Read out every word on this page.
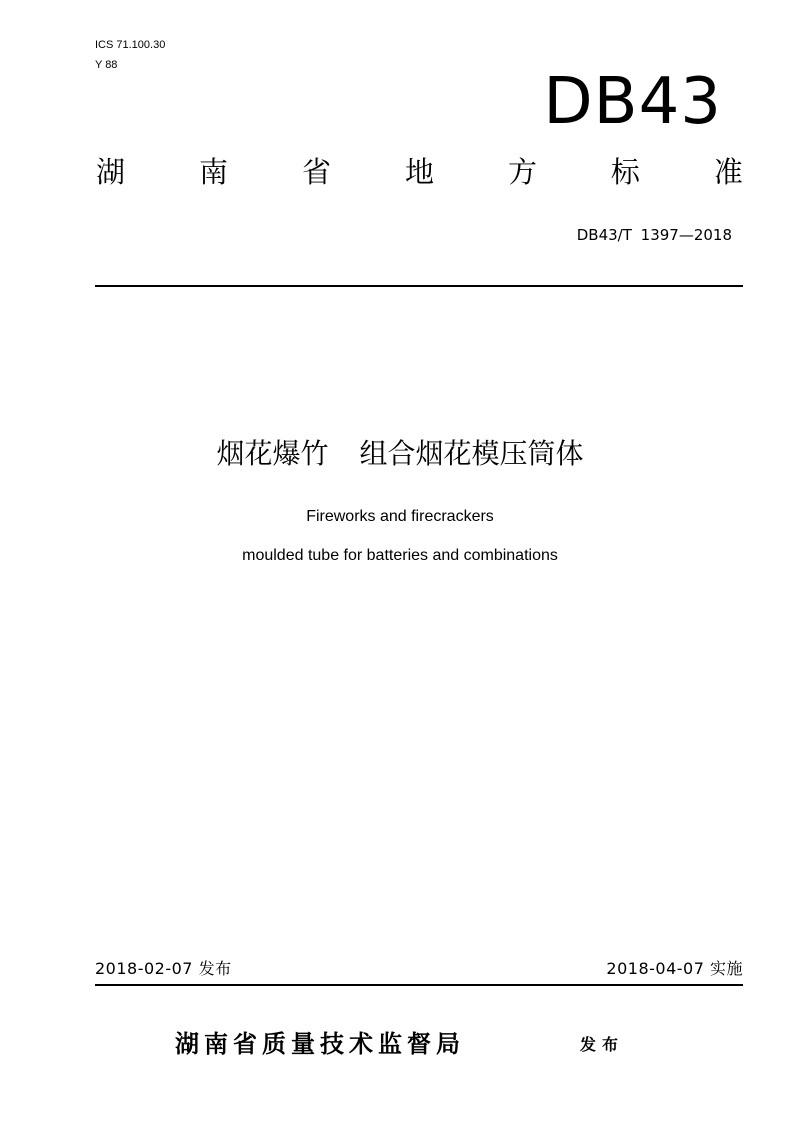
ICS 71.100.30
Y 88	DB43
湖	南	省	地	方	标	准
DB43/T 1397—2018
烟花爆竹 组合烟花模压筒体
Fireworks and firecrackers
moulded tube for batteries and combinations
2018-02-07 发布	2018-04-07 实施
湖南省质量技术监督局	发布
